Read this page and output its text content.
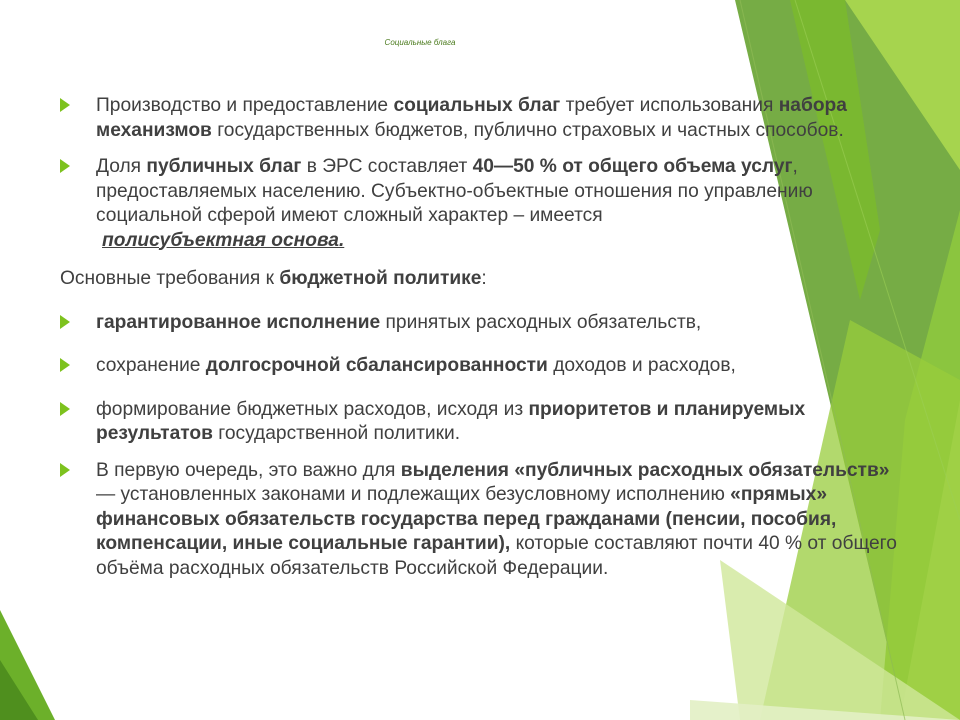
Социальные блага
Производство и предоставление социальных благ требует использования набора механизмов государственных бюджетов, публично страховых и частных способов.
Доля публичных благ в ЭРС составляет 40—50 % от общего объема услуг, предоставляемых населению. Субъектно-объектные отношения по управлению социальной сферой имеют сложный характер – имеется
полисубъектная основа.

Основные требования к бюджетной политике:

гарантированное исполнение принятых расходных обязательств,
сохранение долгосрочной сбалансированности доходов и расходов,
формирование бюджетных расходов, исходя из приоритетов и планируемых результатов государственной политики.
В первую очередь, это важно для выделения «публичных расходных обязательств» — установленных законами и подлежащих безусловному исполнению «прямых» финансовых обязательств государства перед гражданами (пенсии, пособия, компенсации, иные социальные гарантии), которые составляют почти 40 % от общего объёма расходных обязательств Российской Федерации.
